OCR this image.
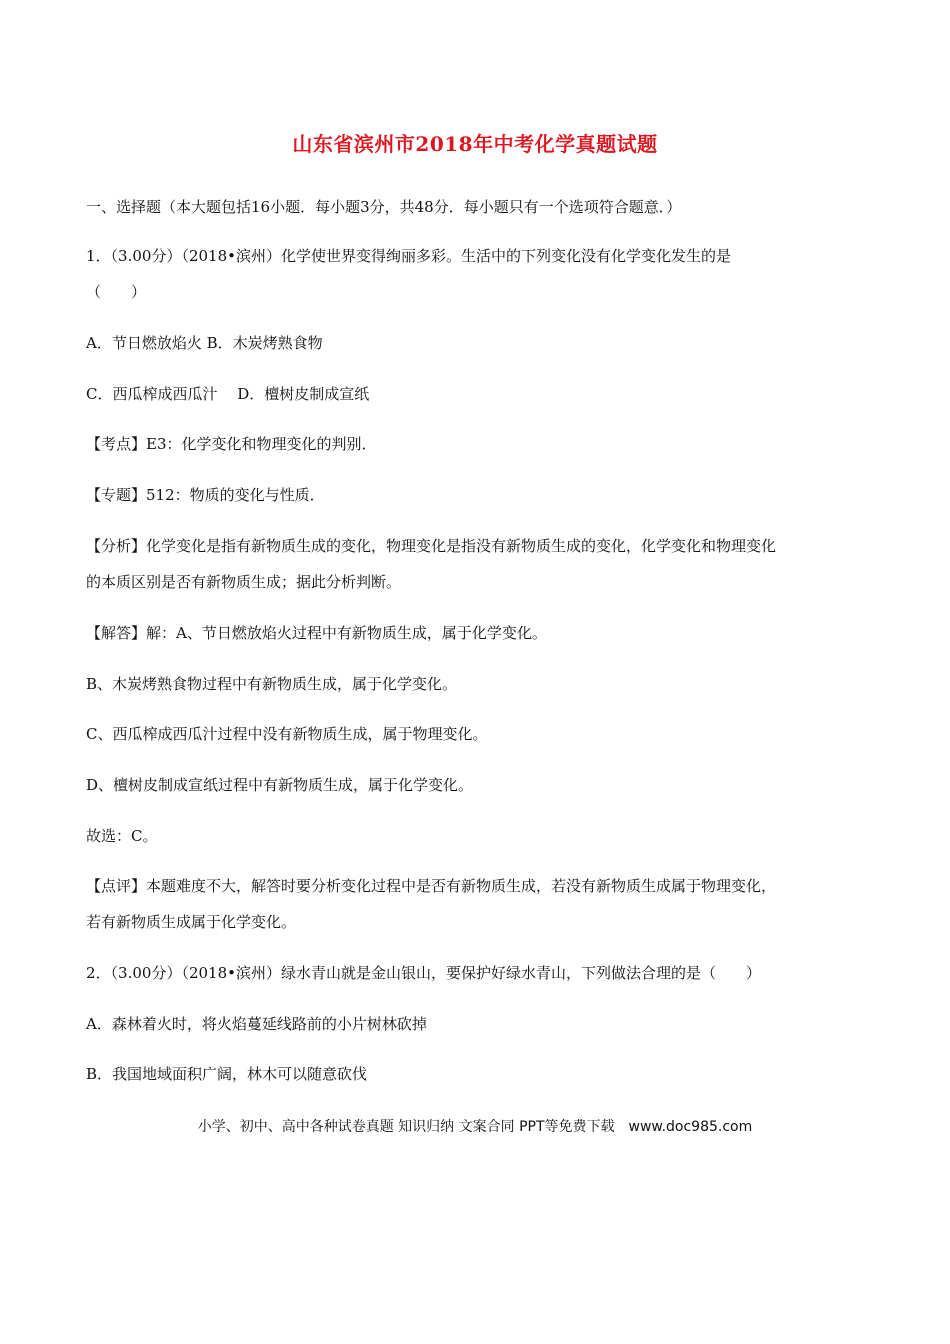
山东省滨州市2018年中考化学真题试题
一、选择题（本大题包括16小题．每小题3分，共48分．每小题只有一个选项符合题意．）
1．（3.00分）（2018•滨州）化学使世界变得绚丽多彩。生活中的下列变化没有化学变化发生的是
（　　）
A．节日燃放焰火 B．木炭烤熟食物
C．西瓜榨成西瓜汁　 D．檀树皮制成宣纸
【考点】E3：化学变化和物理变化的判别．
【专题】512：物质的变化与性质．
【分析】化学变化是指有新物质生成的变化，物理变化是指没有新物质生成的变化，化学变化和物理变化
的本质区别是否有新物质生成；据此分析判断。
【解答】解：A、节日燃放焰火过程中有新物质生成，属于化学变化。
B、木炭烤熟食物过程中有新物质生成，属于化学变化。
C、西瓜榨成西瓜汁过程中没有新物质生成，属于物理变化。
D、檀树皮制成宣纸过程中有新物质生成，属于化学变化。
故选：C。
【点评】本题难度不大，解答时要分析变化过程中是否有新物质生成，若没有新物质生成属于物理变化，
若有新物质生成属于化学变化。
2．（3.00分）（2018•滨州）绿水青山就是金山银山，要保护好绿水青山，下列做法合理的是（　　）
A．森林着火时，将火焰蔓延线路前的小片树林砍掉
B．我国地域面积广阔，林木可以随意砍伐
小学、初中、高中各种试卷真题 知识归纳 文案合同 PPT等免费下载　www.doc985.com
